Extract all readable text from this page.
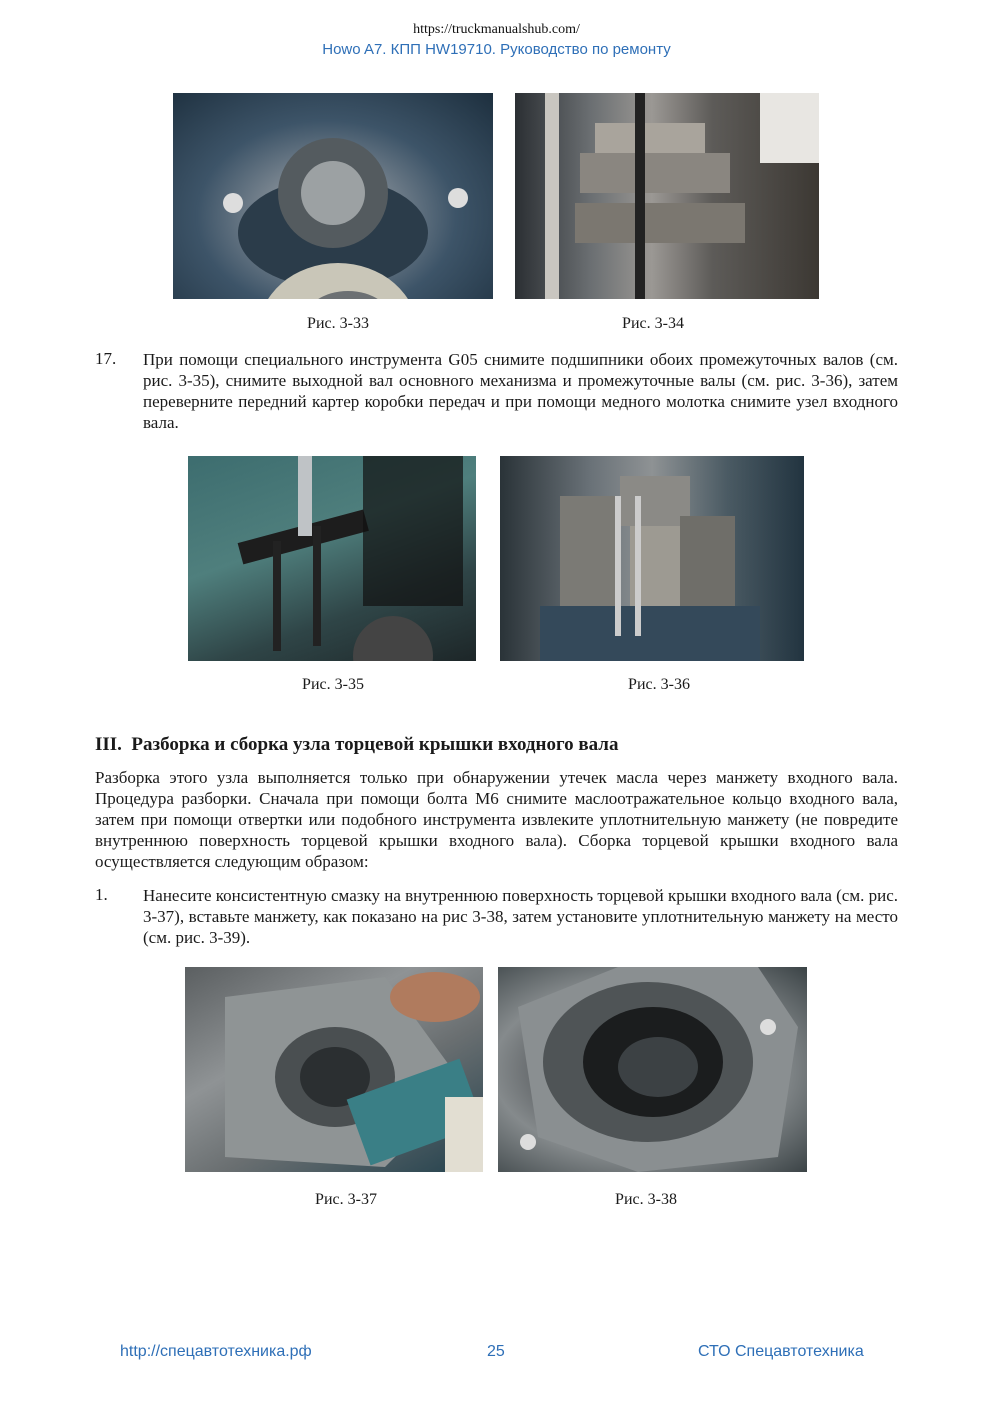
https://truckmanualshub.com/
Howo A7. КПП HW19710. Руководство по ремонту
Рис. 3-33	Рис. 3-34
17. При помощи специального инструмента G05 снимите подшипники обоих промежуточных валов (см. рис. 3-35), снимите выходной вал основного механизма и промежуточные валы (см. рис. 3-36), затем переверните передний картер коробки передач и при помощи медного молотка снимите узел входного вала.
Рис. 3-35	Рис. 3-36
III.  Разборка и сборка узла торцевой крышки входного вала
Разборка этого узла выполняется только при обнаружении утечек масла через манжету входного вала. Процедура разборки. Сначала при помощи болта М6 снимите маслоотражательное кольцо входного вала, затем при помощи отвертки или подобного инструмента извлеките уплотнительную манжету (не повредите внутреннюю поверхность торцевой крышки входного вала). Сборка торцевой крышки входного вала осуществляется следующим образом:
1. Нанесите консистентную смазку на внутреннюю поверхность торцевой крышки входного вала (см. рис. 3-37), вставьте манжету, как показано на рис 3-38, затем установите уплотнительную манжету на место (см. рис. 3-39).
Рис. 3-37	Рис. 3-38
http://спецавтотехника.рф	25	СТО Спецавтотехника
